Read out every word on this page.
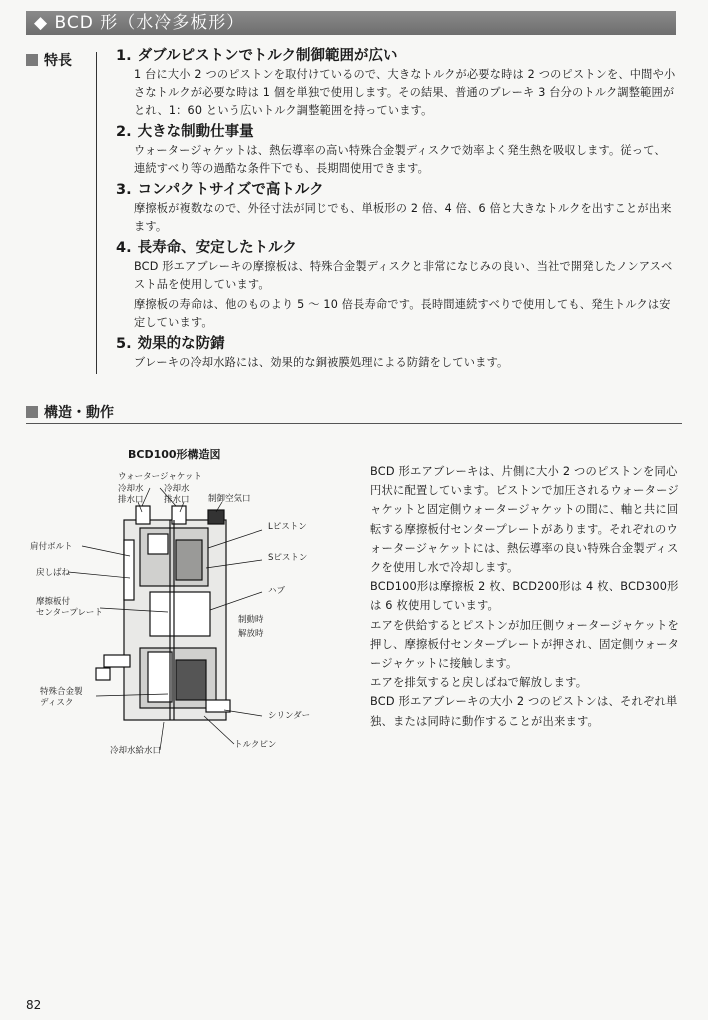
◆ BCD 形（水冷多板形）
特長	1. ダブルピストンでトルク制御範囲が広い

1 台に大小 2 つのピストンを取付けているので、大きなトルクが必要な時は 2 つのピストンを、中間や小さなトルクが必要な時は 1 個を単独で使用します。その結果、普通のブレーキ 3 台分のトルク調整範囲がとれ、1：60 という広いトルク調整範囲を持っています。

2. 大きな制動仕事量

ウォータージャケットは、熱伝導率の高い特殊合金製ディスクで効率よく発生熱を吸収します。従って、連続すべり等の過酷な条件下でも、長期間使用できます。

3. コンパクトサイズで高トルク

摩擦板が複数なので、外径寸法が同じでも、単板形の 2 倍、4 倍、6 倍と大きなトルクを出すことが出来ます。

4. 長寿命、安定したトルク

BCD 形エアブレーキの摩擦板は、特殊合金製ディスクと非常になじみの良い、当社で開発したノンアスベスト品を使用しています。

摩擦板の寿命は、他のものより 5 ～ 10 倍長寿命です。長時間連続すべりで使用しても、発生トルクは安定しています。

5. 効果的な防錆

ブレーキの冷却水路には、効果的な銅被膜処理による防錆をしています。

構造・動作
BCD100形構造図
ウォータージャケット
冷却水
排水口
冷却水
排水口 制御空気口
Lピストン
Sピストン
ハブ
肩付ボルト
戻しばね
摩擦板付
センタープレート
制動時
解放時
特殊合金製
ディスク
シリンダー
トルクピン
冷却水給水口

BCD 形エアブレーキは、片側に大小 2 つのピストンを同心円状に配置しています。ピストンで加圧されるウォータージャケットと固定側ウォータージャケットの間に、軸と共に回転する摩擦板付センタープレートがあります。それぞれのウォータージャケットには、熱伝導率の良い特殊合金製ディスクを使用し水で冷却します。

BCD100形は摩擦板 2 枚、BCD200形は 4 枚、BCD300形は 6 枚使用しています。

エアを供給するとピストンが加圧側ウォータージャケットを押し、摩擦板付センタープレートが押され、固定側ウォータージャケットに接触します。

エアを排気すると戻しばねで解放します。

BCD 形エアブレーキの大小 2 つのピストンは、それぞれ単独、または同時に動作することが出来ます。

82
